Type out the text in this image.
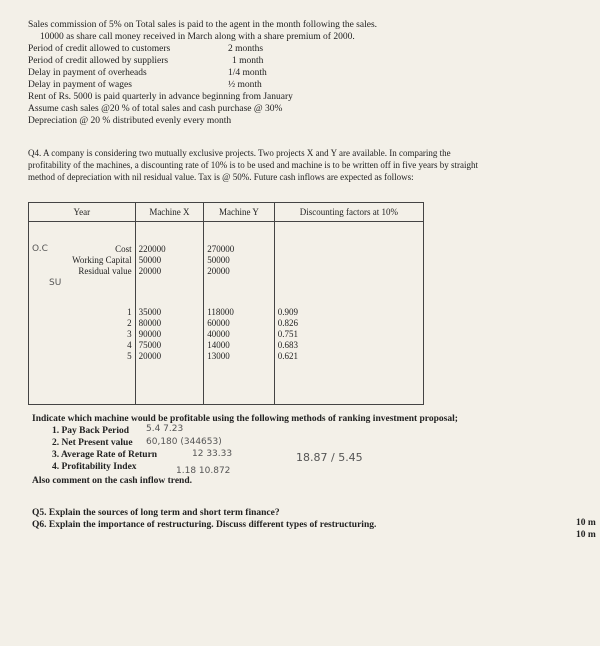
Sales commission of 5% on Total sales is paid to the agent in the month following the sales.
10000 as share call money received in March along with a share premium of 2000.
Period of credit allowed to customers	2 months
Period of credit allowed by suppliers	1 month
Delay in payment of overheads	1/4 month
Delay in payment of wages	½ month
Rent of Rs. 5000 is paid quarterly in advance beginning from January
Assume cash sales @20 % of total sales and cash purchase @ 30%
Depreciation @ 20 % distributed evenly every month
Q4. A company is considering two mutually exclusive projects. Two projects X and Y are available. In comparing the
profitability of the machines, a discounting rate of 10% is to be used and machine is to be written off in five years by straight
method of depreciation with nil residual value. Tax is @ 50%. Future cash inflows are expected as follows:
Year	Machine X	Machine Y	Discounting factors at 10%

O.C Cost	220000	270000	
Working Capital	50000	50000	
Residual value	20000	20000	
SU			
1	35000	118000	0.909
2	80000	60000	0.826
3	90000	40000	0.751
4	75000	14000	0.683
5	20000	13000	0.621

Indicate which machine would be profitable using the following methods of ranking investment proposal;
1. Pay Back Period 5.4 7.23
2. Net Present value 60,180 (344653)
3. Average Rate of Return	12 33.33	18.87 / 5.45
4. Profitability Index	1.18 10.872
Also comment on the cash inflow trend.
Q5. Explain the sources of long term and short term finance?
Q6. Explain the importance of restructuring. Discuss different types of restructuring.	10 m
10 m
